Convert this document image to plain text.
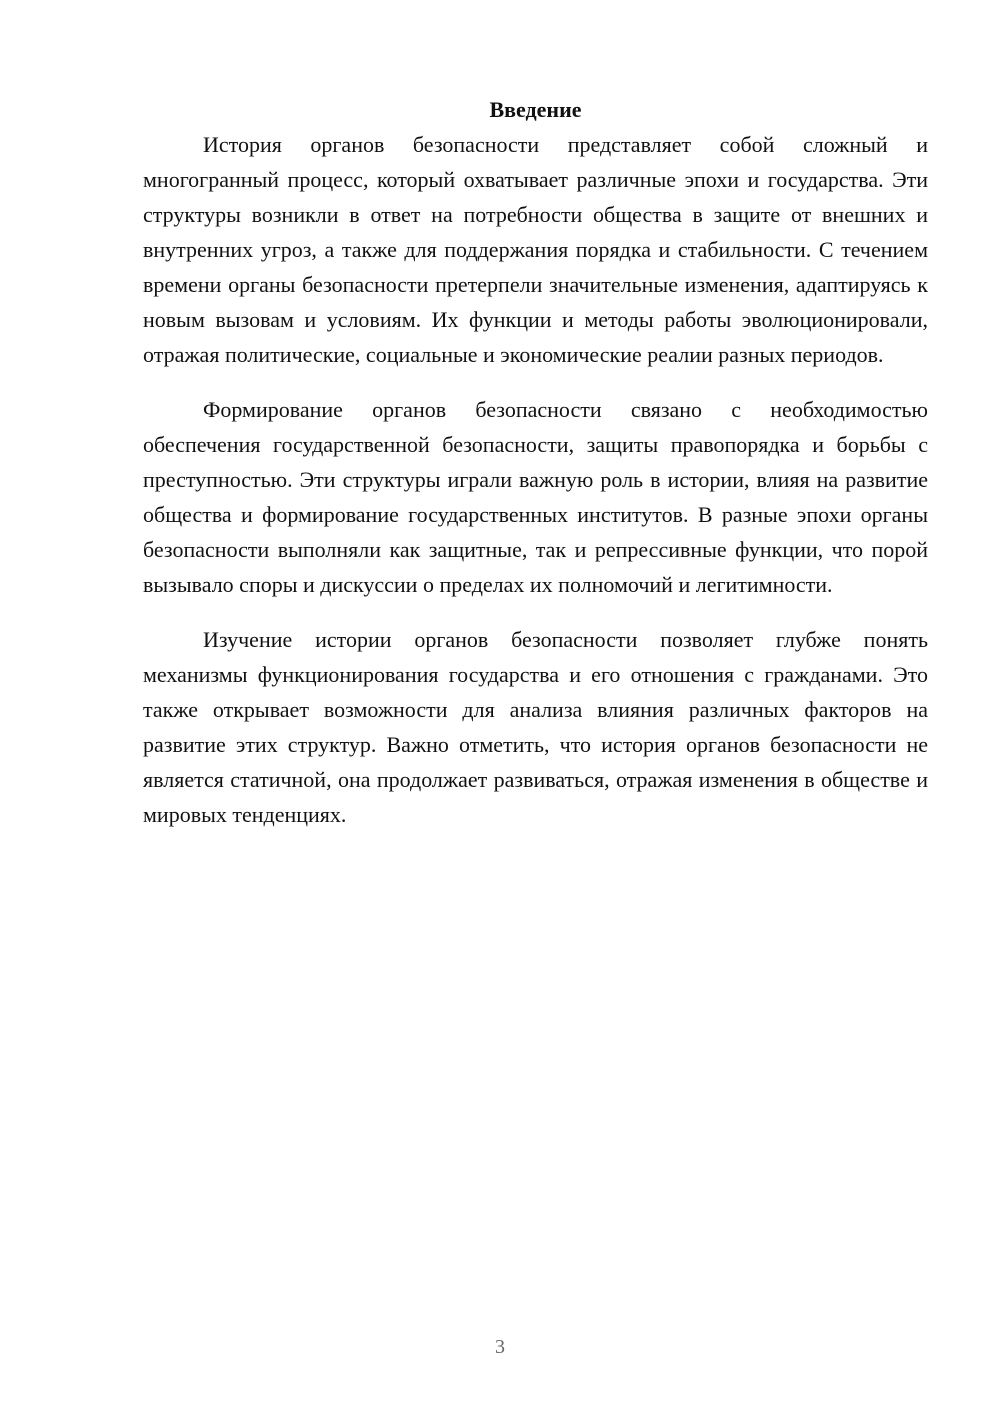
Введение

История органов безопасности представляет собой сложный и многогранный процесс, который охватывает различные эпохи и государства. Эти структуры возникли в ответ на потребности общества в защите от внешних и внутренних угроз, а также для поддержания порядка и стабильности. С течением времени органы безопасности претерпели значительные изменения, адаптируясь к новым вызовам и условиям. Их функции и методы работы эволюционировали, отражая политические, социальные и экономические реалии разных периодов.

Формирование органов безопасности связано с необходимостью обеспечения государственной безопасности, защиты правопорядка и борьбы с преступностью. Эти структуры играли важную роль в истории, влияя на развитие общества и формирование государственных институтов. В разные эпохи органы безопасности выполняли как защитные, так и репрессивные функции, что порой вызывало споры и дискуссии о пределах их полномочий и легитимности.

Изучение истории органов безопасности позволяет глубже понять механизмы функционирования государства и его отношения с гражданами. Это также открывает возможности для анализа влияния различных факторов на развитие этих структур. Важно отметить, что история органов безопасности не является статичной, она продолжает развиваться, отражая изменения в обществе и мировых тенденциях.

3
